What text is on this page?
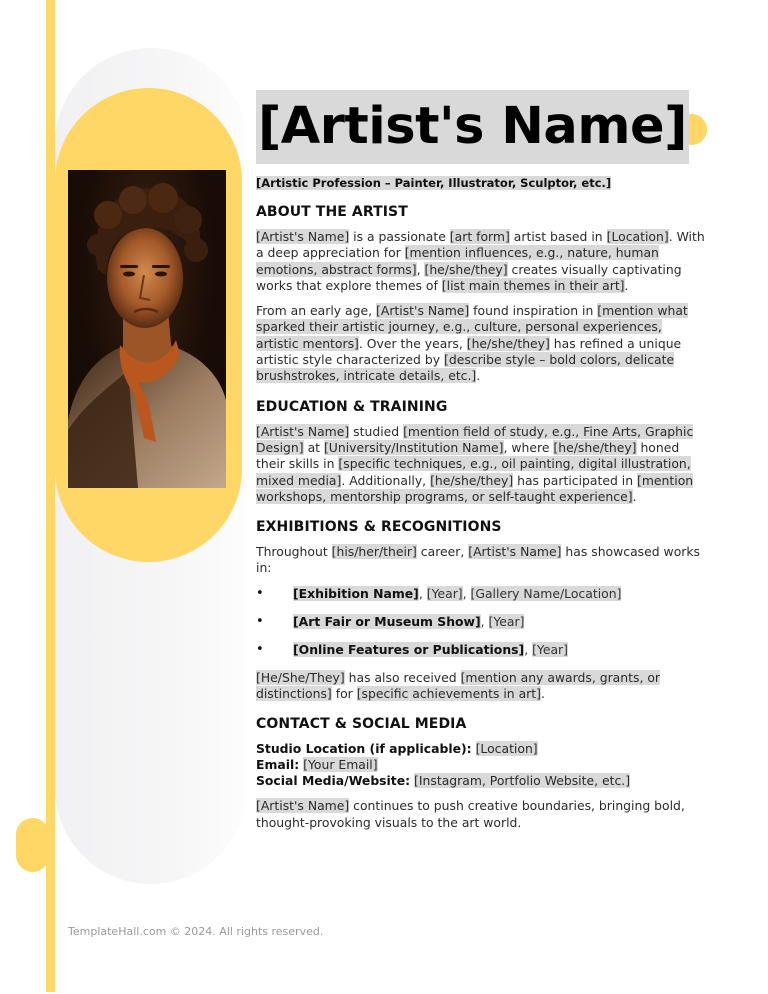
[Artist's Name]
[Artistic Profession – Painter, Illustrator, Sculptor, etc.]
ABOUT THE ARTIST

[Artist's Name] is a passionate [art form] artist based in [Location]. With a deep appreciation for [mention influences, e.g., nature, human emotions, abstract forms], [he/she/they] creates visually captivating works that explore themes of [list main themes in their art].

From an early age, [Artist's Name] found inspiration in [mention what sparked their artistic journey, e.g., culture, personal experiences, artistic mentors]. Over the years, [he/she/they] has refined a unique artistic style characterized by [describe style – bold colors, delicate brushstrokes, intricate details, etc.].

EDUCATION & TRAINING

[Artist's Name] studied [mention field of study, e.g., Fine Arts, Graphic Design] at [University/Institution Name], where [he/she/they] honed their skills in [specific techniques, e.g., oil painting, digital illustration, mixed media]. Additionally, [he/she/they] has participated in [mention workshops, mentorship programs, or self-taught experience].

EXHIBITIONS & RECOGNITIONS

Throughout [his/her/their] career, [Artist's Name] has showcased works in:

• [Exhibition Name], [Year], [Gallery Name/Location]
• [Art Fair or Museum Show], [Year]
• [Online Features or Publications], [Year]

[He/She/They] has also received [mention any awards, grants, or distinctions] for [specific achievements in art].

CONTACT & SOCIAL MEDIA
Studio Location (if applicable): [Location]
Email: [Your Email]
Social Media/Website: [Instagram, Portfolio Website, etc.]

[Artist's Name] continues to push creative boundaries, bringing bold, thought-provoking visuals to the art world.

TemplateHall.com © 2024. All rights reserved.
